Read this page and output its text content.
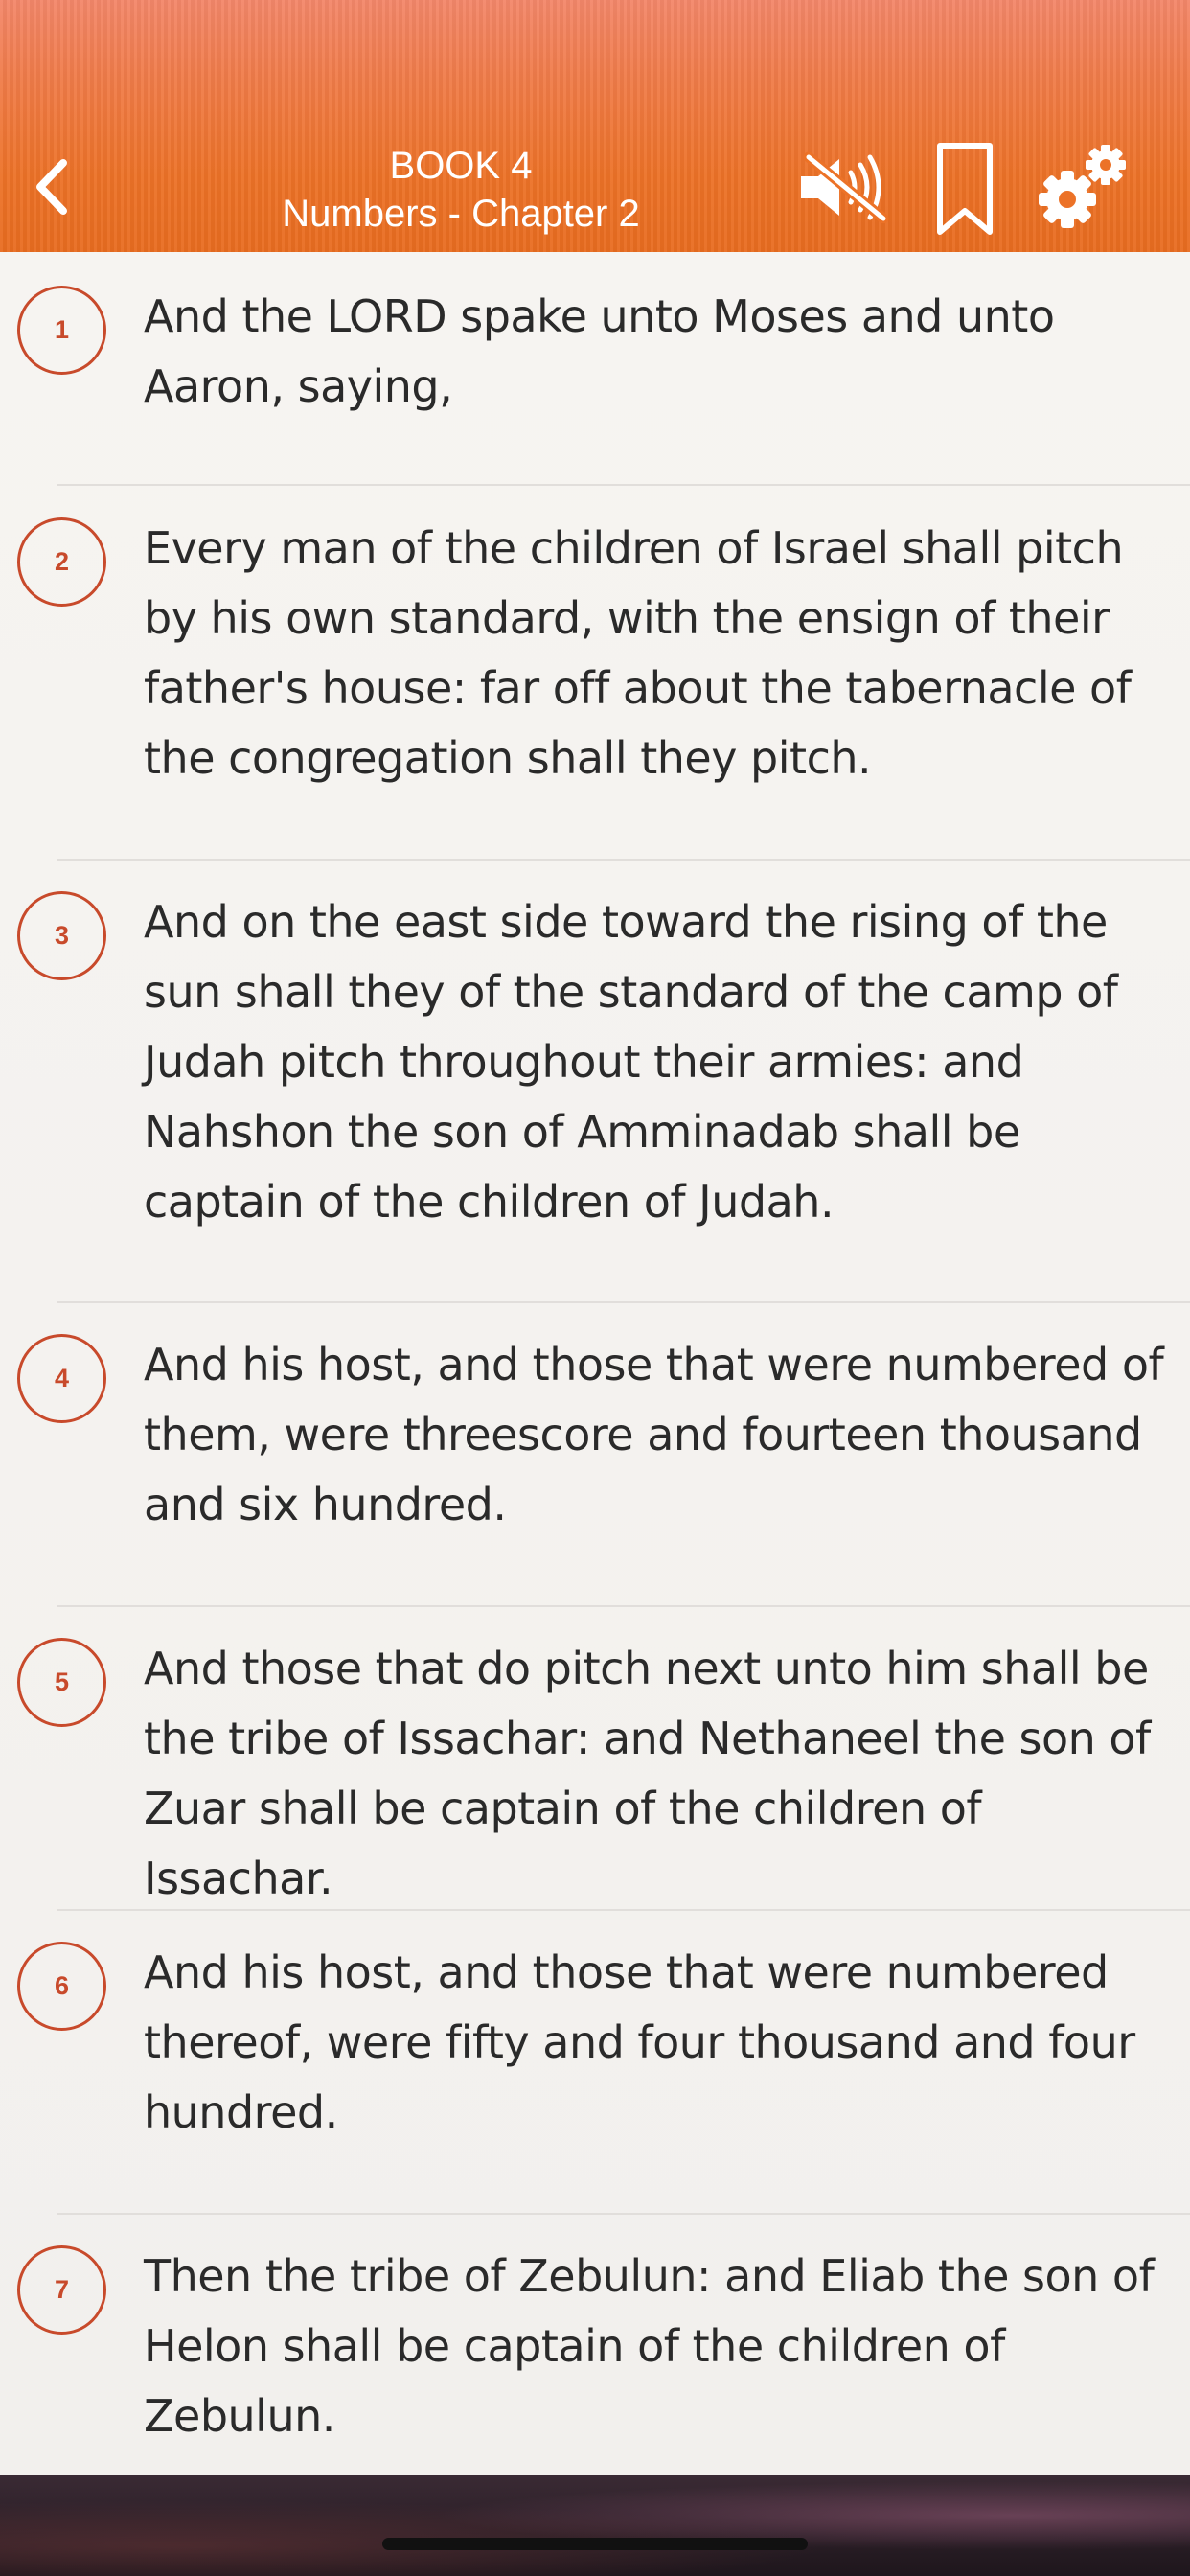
BOOK 4
Numbers - Chapter 2
1	And the LORD spake unto Moses and unto Aaron, saying,
2	Every man of the children of Israel shall pitch by his own standard, with the ensign of their father's house: far off about the tabernacle of the congregation shall they pitch.
3	And on the east side toward the rising of the sun shall they of the standard of the camp of Judah pitch throughout their armies: and Nahshon the son of Amminadab shall be captain of the children of Judah.
4	And his host, and those that were numbered of them, were threescore and fourteen thousand and six hundred.
5	And those that do pitch next unto him shall be the tribe of Issachar: and Nethaneel the son of Zuar shall be captain of the children of Issachar.
6	And his host, and those that were numbered thereof, were fifty and four thousand and four hundred.
7	Then the tribe of Zebulun: and Eliab the son of Helon shall be captain of the children of Zebulun.
